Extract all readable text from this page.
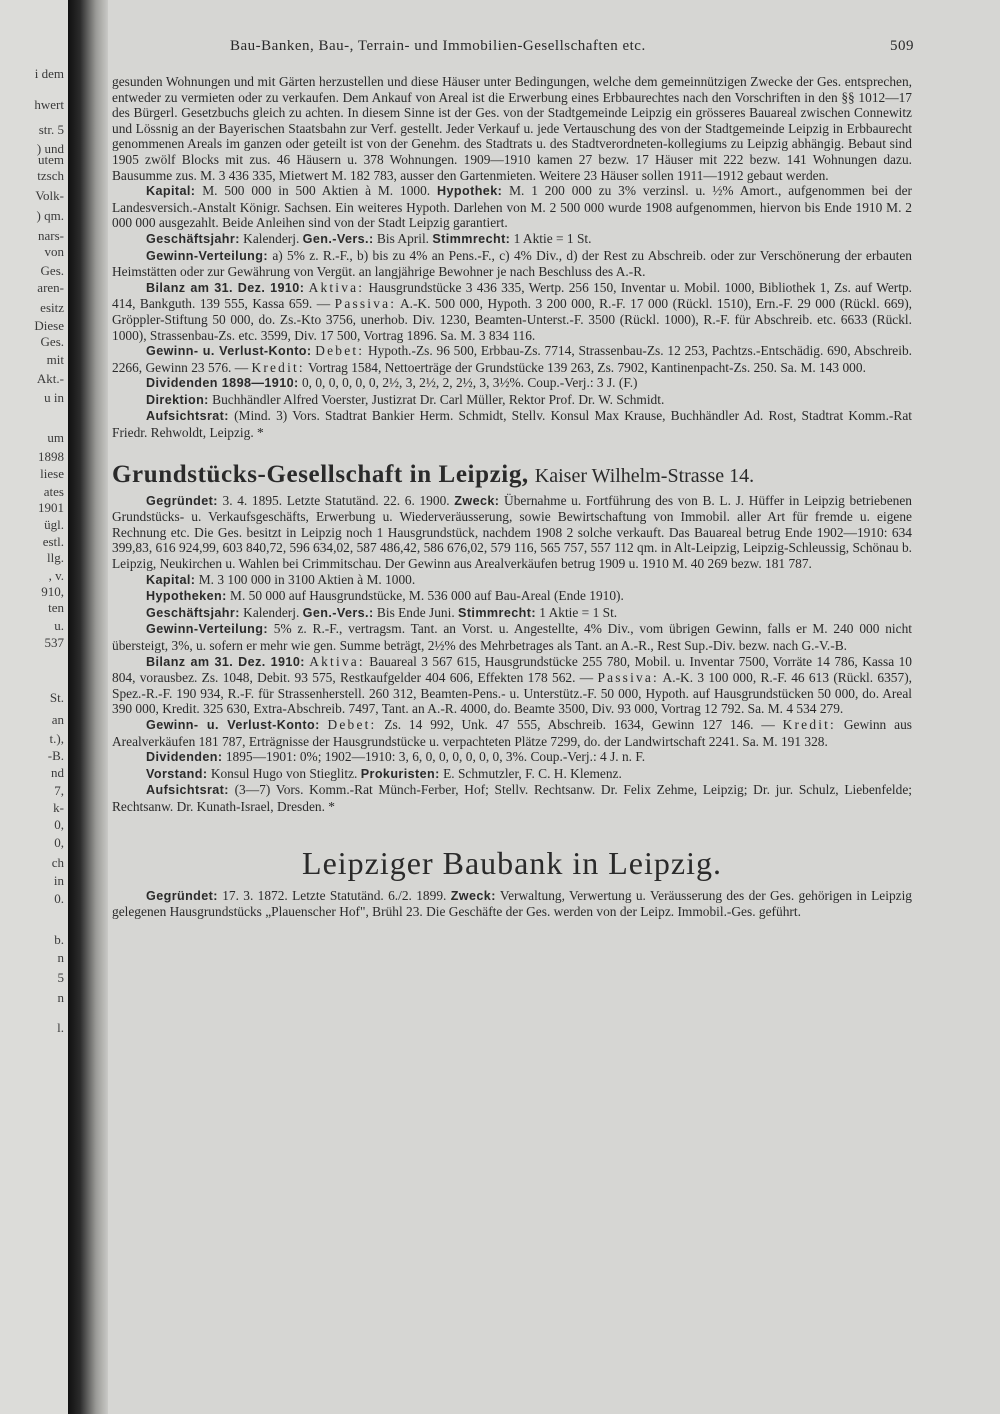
i dem
hwert
str. 5
) und
utem
tzsch
Volk-
) qm.
nars-
von
Ges.
aren-
esitz
Diese
Ges.
mit
Akt.-
u in
um
1898
liese
ates
1901
ügl.
estl.
llg.
, v.
910,
ten
u.
537
St.
an
t.),
-B.
nd
7,
k-
0,
0,
ch
in
0.
b.
n
5
n
l.
Bau-Banken, Bau-, Terrain- und Immobilien-Gesellschaften etc.	509

gesunden Wohnungen und mit Gärten herzustellen und diese Häuser unter Bedingungen, welche dem gemeinnützigen Zwecke der Ges. entsprechen, entweder zu vermieten oder zu verkaufen. Dem Ankauf von Areal ist die Erwerbung eines Erbbaurechtes nach den Vorschriften in den §§ 1012—17 des Bürgerl. Gesetzbuchs gleich zu achten. In diesem Sinne ist der Ges. von der Stadtgemeinde Leipzig ein grösseres Bauareal zwischen Connewitz und Lössnig an der Bayerischen Staatsbahn zur Verf. gestellt. Jeder Verkauf u. jede Vertauschung des von der Stadtgemeinde Leipzig in Erbbaurecht genommenen Areals im ganzen oder geteilt ist von der Genehm. des Stadtrats u. des Stadtverordneten-kollegiums zu Leipzig abhängig. Bebaut sind 1905 zwölf Blocks mit zus. 46 Häusern u. 378 Wohnungen. 1909—1910 kamen 27 bezw. 17 Häuser mit 222 bezw. 141 Wohnungen dazu. Bausumme zus. M. 3 436 335, Mietwert M. 182 783, ausser den Gartenmieten. Weitere 23 Häuser sollen 1911—1912 gebaut werden.

Kapital: M. 500 000 in 500 Aktien à M. 1000. Hypothek: M. 1 200 000 zu 3% verzinsl. u. ½% Amort., aufgenommen bei der Landesversich.-Anstalt Königr. Sachsen. Ein weiteres Hypoth. Darlehen von M. 2 500 000 wurde 1908 aufgenommen, hiervon bis Ende 1910 M. 2 000 000 ausgezahlt. Beide Anleihen sind von der Stadt Leipzig garantiert.

Geschäftsjahr: Kalenderj. Gen.-Vers.: Bis April. Stimmrecht: 1 Aktie = 1 St.

Gewinn-Verteilung: a) 5% z. R.-F., b) bis zu 4% an Pens.-F., c) 4% Div., d) der Rest zu Abschreib. oder zur Verschönerung der erbauten Heimstätten oder zur Gewährung von Vergüt. an langjährige Bewohner je nach Beschluss des A.-R.

Bilanz am 31. Dez. 1910: Aktiva: Hausgrundstücke 3 436 335, Wertp. 256 150, Inventar u. Mobil. 1000, Bibliothek 1, Zs. auf Wertp. 414, Bankguth. 139 555, Kassa 659. — Passiva: A.-K. 500 000, Hypoth. 3 200 000, R.-F. 17 000 (Rückl. 1510), Ern.-F. 29 000 (Rückl. 669), Gröppler-Stiftung 50 000, do. Zs.-Kto 3756, unerhob. Div. 1230, Beamten-Unterst.-F. 3500 (Rückl. 1000), R.-F. für Abschreib. etc. 6633 (Rückl. 1000), Strassenbau-Zs. etc. 3599, Div. 17 500, Vortrag 1896. Sa. M. 3 834 116.

Gewinn- u. Verlust-Konto: Debet: Hypoth.-Zs. 96 500, Erbbau-Zs. 7714, Strassenbau-Zs. 12 253, Pachtzs.-Entschädig. 690, Abschreib. 2266, Gewinn 23 576. — Kredit: Vortrag 1584, Nettoerträge der Grundstücke 139 263, Zs. 7902, Kantinenpacht-Zs. 250. Sa. M. 143 000.

Dividenden 1898—1910: 0, 0, 0, 0, 0, 0, 2½, 3, 2½, 2, 2½, 3, 3½%. Coup.-Verj.: 3 J. (F.)

Direktion: Buchhändler Alfred Voerster, Justizrat Dr. Carl Müller, Rektor Prof. Dr. W. Schmidt.

Aufsichtsrat: (Mind. 3) Vors. Stadtrat Bankier Herm. Schmidt, Stellv. Konsul Max Krause, Buchhändler Ad. Rost, Stadtrat Komm.-Rat Friedr. Rehwoldt, Leipzig. *

Grundstücks-Gesellschaft in Leipzig, Kaiser Wilhelm-Strasse 14.

Gegründet: 3. 4. 1895. Letzte Statutänd. 22. 6. 1900. Zweck: Übernahme u. Fortführung des von B. L. J. Hüffer in Leipzig betriebenen Grundstücks- u. Verkaufsgeschäfts, Erwerbung u. Wiederveräusserung, sowie Bewirtschaftung von Immobil. aller Art für fremde u. eigene Rechnung etc. Die Ges. besitzt in Leipzig noch 1 Hausgrundstück, nachdem 1908 2 solche verkauft. Das Bauareal betrug Ende 1902—1910: 634 399,83, 616 924,99, 603 840,72, 596 634,02, 587 486,42, 586 676,02, 579 116, 565 757, 557 112 qm. in Alt-Leipzig, Leipzig-Schleussig, Schönau b. Leipzig, Neukirchen u. Wahlen bei Crimmitschau. Der Gewinn aus Arealverkäufen betrug 1909 u. 1910 M. 40 269 bezw. 181 787.

Kapital: M. 3 100 000 in 3100 Aktien à M. 1000.

Hypotheken: M. 50 000 auf Hausgrundstücke, M. 536 000 auf Bau-Areal (Ende 1910).

Geschäftsjahr: Kalenderj. Gen.-Vers.: Bis Ende Juni. Stimmrecht: 1 Aktie = 1 St.

Gewinn-Verteilung: 5% z. R.-F., vertragsm. Tant. an Vorst. u. Angestellte, 4% Div., vom übrigen Gewinn, falls er M. 240 000 nicht übersteigt, 3%, u. sofern er mehr wie gen. Summe beträgt, 2½% des Mehrbetrages als Tant. an A.-R., Rest Sup.-Div. bezw. nach G.-V.-B.

Bilanz am 31. Dez. 1910: Aktiva: Bauareal 3 567 615, Hausgrundstücke 255 780, Mobil. u. Inventar 7500, Vorräte 14 786, Kassa 10 804, vorausbez. Zs. 1048, Debit. 93 575, Restkaufgelder 404 606, Effekten 178 562. — Passiva: A.-K. 3 100 000, R.-F. 46 613 (Rückl. 6357), Spez.-R.-F. 190 934, R.-F. für Strassenherstell. 260 312, Beamten-Pens.- u. Unterstütz.-F. 50 000, Hypoth. auf Hausgrundstücken 50 000, do. Areal 390 000, Kredit. 325 630, Extra-Abschreib. 7497, Tant. an A.-R. 4000, do. Beamte 3500, Div. 93 000, Vortrag 12 792. Sa. M. 4 534 279.

Gewinn- u. Verlust-Konto: Debet: Zs. 14 992, Unk. 47 555, Abschreib. 1634, Gewinn 127 146. — Kredit: Gewinn aus Arealverkäufen 181 787, Erträgnisse der Hausgrundstücke u. verpachteten Plätze 7299, do. der Landwirtschaft 2241. Sa. M. 191 328.

Dividenden: 1895—1901: 0%; 1902—1910: 3, 6, 0, 0, 0, 0, 0, 0, 3%. Coup.-Verj.: 4 J. n. F.

Vorstand: Konsul Hugo von Stieglitz. Prokuristen: E. Schmutzler, F. C. H. Klemenz.

Aufsichtsrat: (3—7) Vors. Komm.-Rat Münch-Ferber, Hof; Stellv. Rechtsanw. Dr. Felix Zehme, Leipzig; Dr. jur. Schulz, Liebenfelde; Rechtsanw. Dr. Kunath-Israel, Dresden. *

Leipziger Baubank in Leipzig.

Gegründet: 17. 3. 1872. Letzte Statutänd. 6./2. 1899. Zweck: Verwaltung, Verwertung u. Veräusserung des der Ges. gehörigen in Leipzig gelegenen Hausgrundstücks „Plauenscher Hof", Brühl 23. Die Geschäfte der Ges. werden von der Leipz. Immobil.-Ges. geführt.
